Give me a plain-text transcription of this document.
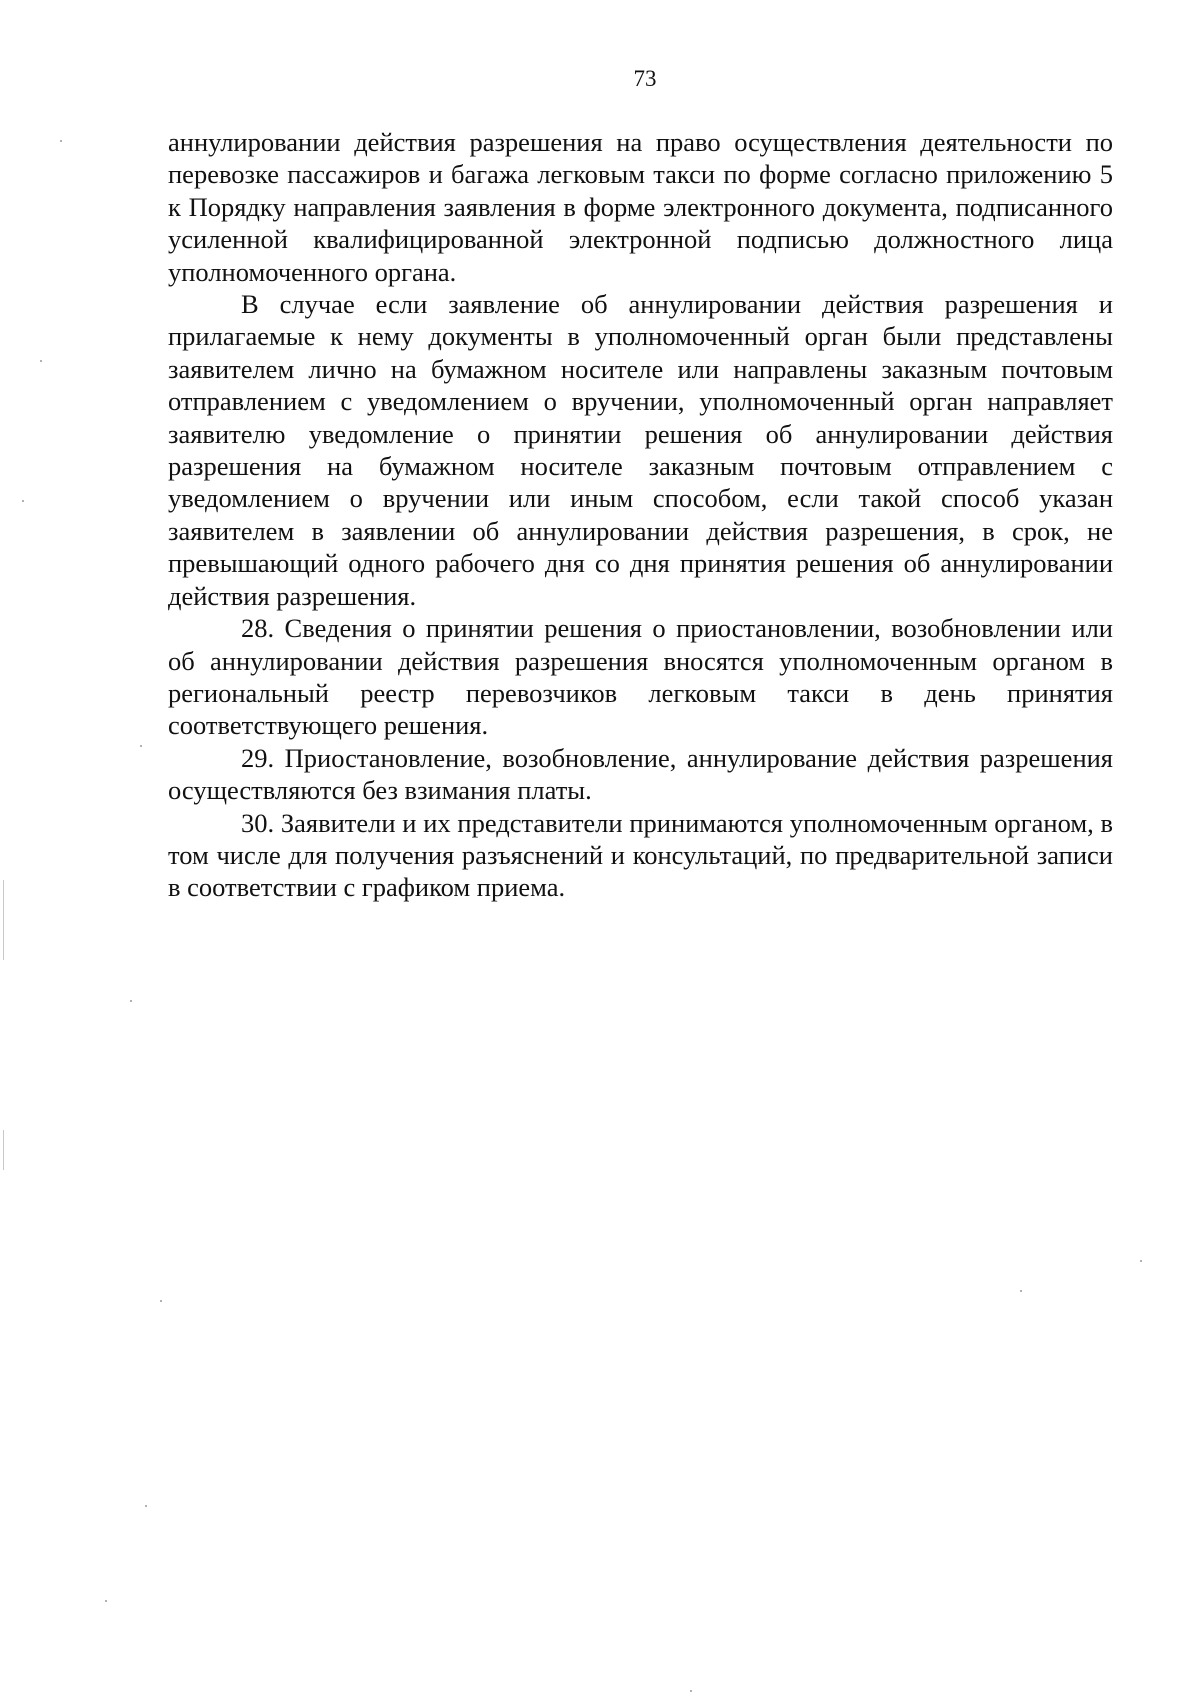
73

аннулировании действия разрешения на право осуществления деятельности по перевозке пассажиров и багажа легковым такси по форме согласно приложению 5 к Порядку направления заявления в форме электронного документа, подписанного усиленной квалифицированной электронной подписью должностного лица уполномоченного органа.

В случае если заявление об аннулировании действия разрешения и прилагаемые к нему документы в уполномоченный орган были представлены заявителем лично на бумажном носителе или направлены заказным почтовым отправлением с уведомлением о вручении, уполномоченный орган направляет заявителю уведомление о принятии решения об аннулировании действия разрешения на бумажном носителе заказным почтовым отправлением с уведомлением о вручении или иным способом, если такой способ указан заявителем в заявлении об аннулировании действия разрешения, в срок, не превышающий одного рабочего дня со дня принятия решения об аннулировании действия разрешения.

28. Сведения о принятии решения о приостановлении, возобновлении или об аннулировании действия разрешения вносятся уполномоченным органом в региональный реестр перевозчиков легковым такси в день принятия соответствующего решения.

29. Приостановление, возобновление, аннулирование действия разрешения осуществляются без взимания платы.

30. Заявители и их представители принимаются уполномоченным органом, в том числе для получения разъяснений и консультаций, по предварительной записи в соответствии с графиком приема.
